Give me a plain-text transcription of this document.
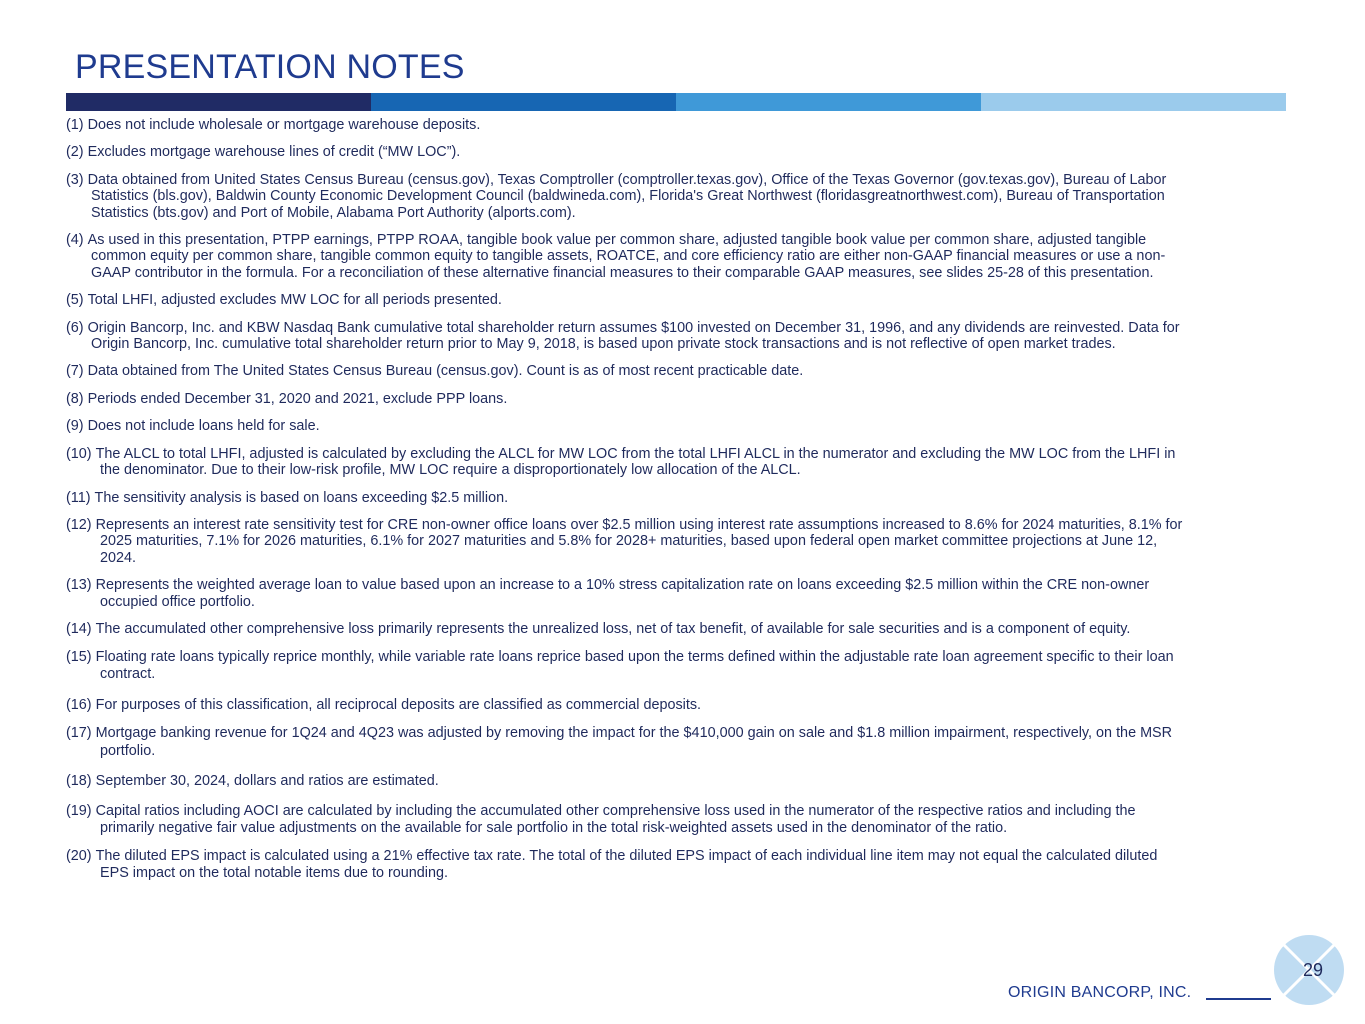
PRESENTATION NOTES
(1) Does not include wholesale or mortgage warehouse deposits.
(2) Excludes mortgage warehouse lines of credit (“MW LOC”).
(3) Data obtained from United States Census Bureau (census.gov), Texas Comptroller (comptroller.texas.gov), Office of the Texas Governor (gov.texas.gov), Bureau of Labor
Statistics (bls.gov), Baldwin County Economic Development Council (baldwineda.com), Florida's Great Northwest (floridasgreatnorthwest.com), Bureau of Transportation
Statistics (bts.gov) and Port of Mobile, Alabama Port Authority (alports.com).
(4) As used in this presentation, PTPP earnings, PTPP ROAA, tangible book value per common share, adjusted tangible book value per common share, adjusted tangible
common equity per common share, tangible common equity to tangible assets, ROATCE, and core efficiency ratio are either non-GAAP financial measures or use a non-
GAAP contributor in the formula. For a reconciliation of these alternative financial measures to their comparable GAAP measures, see slides 25-28 of this presentation.
(5) Total LHFI, adjusted excludes MW LOC for all periods presented.
(6) Origin Bancorp, Inc. and KBW Nasdaq Bank cumulative total shareholder return assumes $100 invested on December 31, 1996, and any dividends are reinvested. Data for
Origin Bancorp, Inc. cumulative total shareholder return prior to May 9, 2018, is based upon private stock transactions and is not reflective of open market trades.
(7) Data obtained from The United States Census Bureau (census.gov). Count is as of most recent practicable date.
(8) Periods ended December 31, 2020 and 2021, exclude PPP loans.
(9) Does not include loans held for sale.
(10) The ALCL to total LHFI, adjusted is calculated by excluding the ALCL for MW LOC from the total LHFI ALCL in the numerator and excluding the MW LOC from the LHFI in
the denominator. Due to their low-risk profile, MW LOC require a disproportionately low allocation of the ALCL.
(11) The sensitivity analysis is based on loans exceeding $2.5 million.
(12) Represents an interest rate sensitivity test for CRE non-owner office loans over $2.5 million using interest rate assumptions increased to 8.6% for 2024 maturities, 8.1% for
2025 maturities, 7.1% for 2026 maturities, 6.1% for 2027 maturities and 5.8% for 2028+ maturities, based upon federal open market committee projections at June 12,
2024.
(13) Represents the weighted average loan to value based upon an increase to a 10% stress capitalization rate on loans exceeding $2.5 million within the CRE non-owner
occupied office portfolio.
(14) The accumulated other comprehensive loss primarily represents the unrealized loss, net of tax benefit, of available for sale securities and is a component of equity.
(15) Floating rate loans typically reprice monthly, while variable rate loans reprice based upon the terms defined within the adjustable rate loan agreement specific to their loan
contract.
(16) For purposes of this classification, all reciprocal deposits are classified as commercial deposits.
(17) Mortgage banking revenue for 1Q24 and 4Q23 was adjusted by removing the impact for the $410,000 gain on sale and $1.8 million impairment, respectively, on the MSR
portfolio.
(18) September 30, 2024, dollars and ratios are estimated.
(19) Capital ratios including AOCI are calculated by including the accumulated other comprehensive loss used in the numerator of the respective ratios and including the
primarily negative fair value adjustments on the available for sale portfolio in the total risk-weighted assets used in the denominator of the ratio.
(20) The diluted EPS impact is calculated using a 21% effective tax rate. The total of the diluted EPS impact of each individual line item may not equal the calculated diluted
EPS impact on the total notable items due to rounding.
ORIGIN BANCORP, INC.
29
